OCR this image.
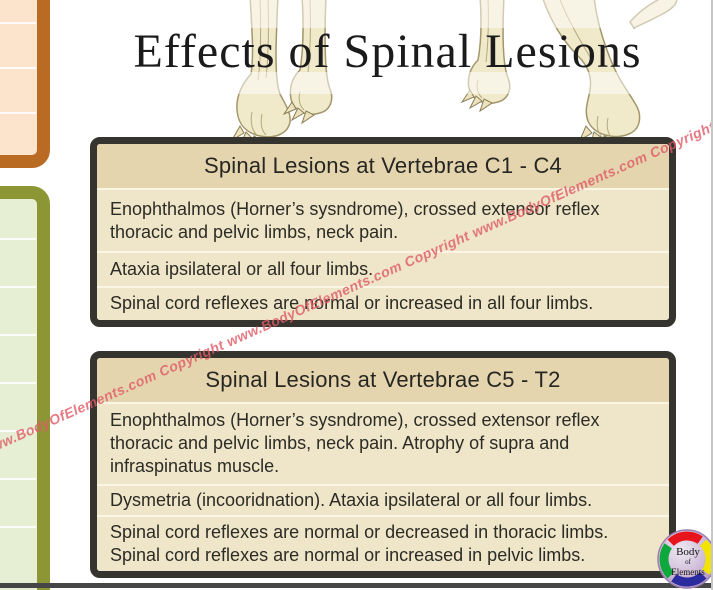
Effects of Spinal Lesions
Spinal Lesions at Vertebrae C1 - C4
Enophthalmos (Horner’s sysndrome), crossed extensor reflex thoracic and pelvic limbs, neck pain.
Ataxia ipsilateral or all four limbs.
Spinal cord reflexes are normal or increased in all four limbs.
Spinal Lesions at Vertebrae C5 - T2
Enophthalmos (Horner’s sysndrome), crossed extensor reflex thoracic and pelvic limbs, neck pain. Atrophy of supra and infraspinatus muscle.
Dysmetria (incooridnation). Ataxia ipsilateral or all four limbs.
Spinal cord reflexes are normal or decreased in thoracic limbs. Spinal cord reflexes are normal or increased in pelvic limbs.
www.BodyOfElements.com Copyright www.BodyOfElements.com Copyright www.BodyOfElements.com Copyright
Body
of
Elements
